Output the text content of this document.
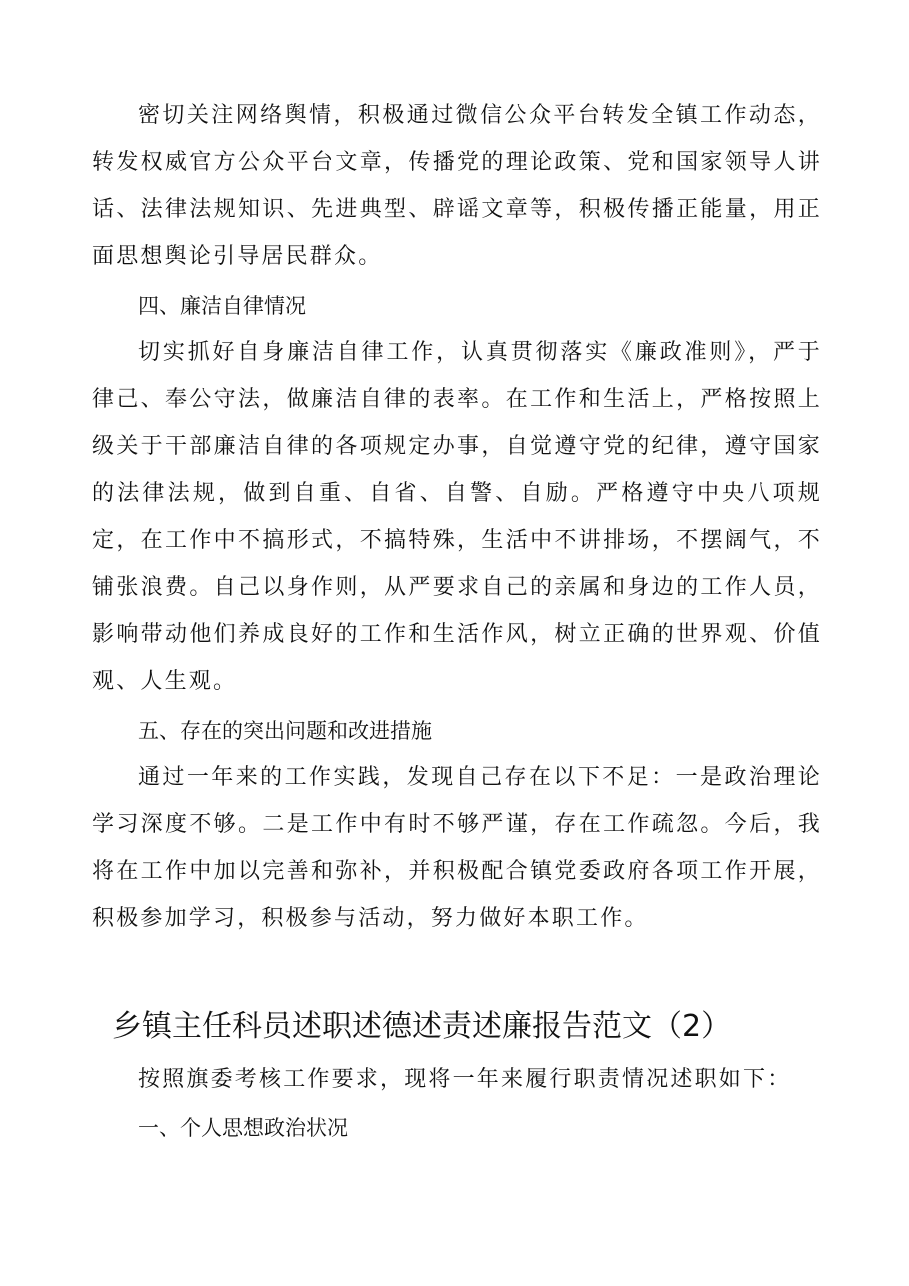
密切关注网络舆情，积极通过微信公众平台转发全镇工作动态，转发权威官方公众平台文章，传播党的理论政策、党和国家领导人讲话、法律法规知识、先进典型、辟谣文章等，积极传播正能量，用正面思想舆论引导居民群众。

四、廉洁自律情况

切实抓好自身廉洁自律工作，认真贯彻落实《廉政准则》，严于律己、奉公守法，做廉洁自律的表率。在工作和生活上，严格按照上级关于干部廉洁自律的各项规定办事，自觉遵守党的纪律，遵守国家的法律法规，做到自重、自省、自警、自励。严格遵守中央八项规定，在工作中不搞形式，不搞特殊，生活中不讲排场，不摆阔气，不铺张浪费。自己以身作则，从严要求自己的亲属和身边的工作人员，影响带动他们养成良好的工作和生活作风，树立正确的世界观、价值观、人生观。

五、存在的突出问题和改进措施

通过一年来的工作实践，发现自己存在以下不足：一是政治理论学习深度不够。二是工作中有时不够严谨，存在工作疏忽。今后，我将在工作中加以完善和弥补，并积极配合镇党委政府各项工作开展，积极参加学习，积极参与活动，努力做好本职工作。

乡镇主任科员述职述德述责述廉报告范文（2）

按照旗委考核工作要求，现将一年来履行职责情况述职如下：

一、个人思想政治状况
